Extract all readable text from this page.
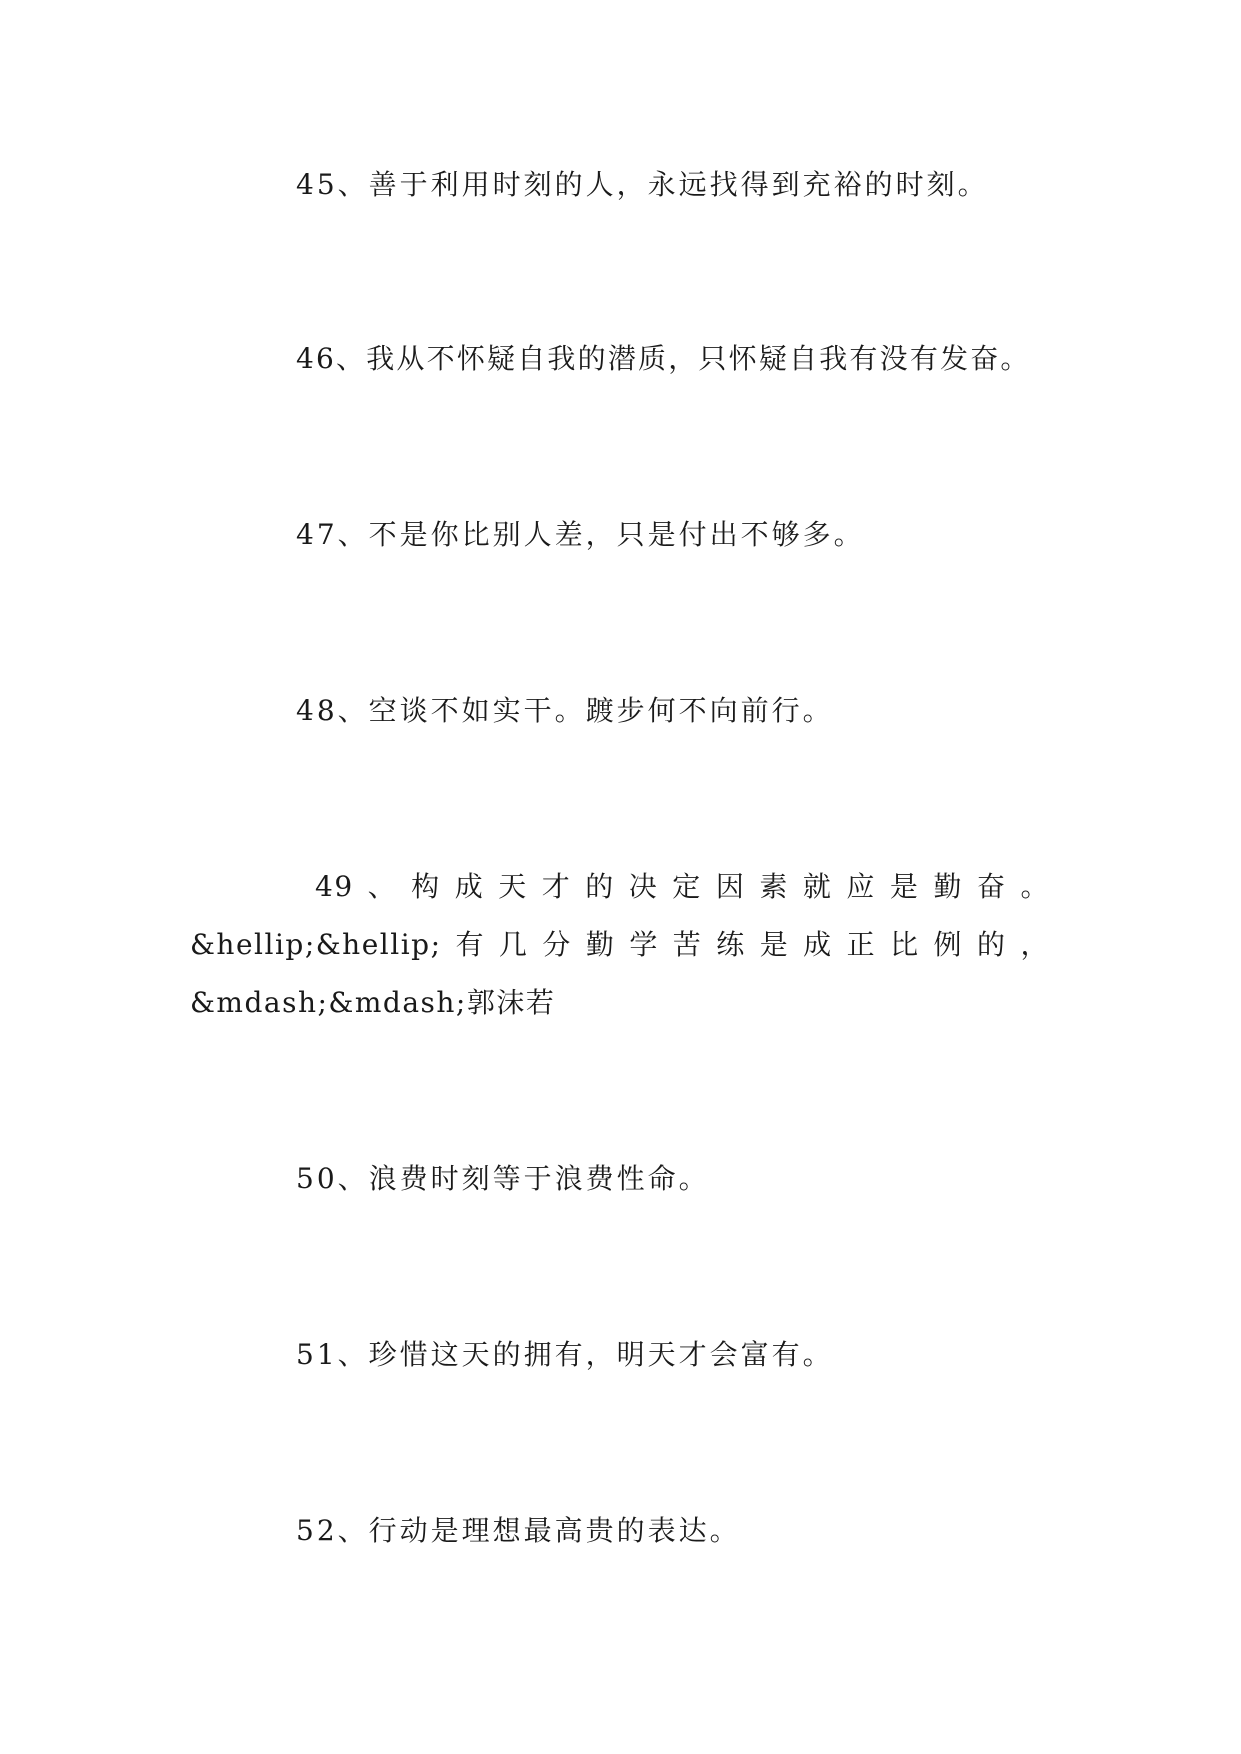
45、善于利用时刻的人，永远找得到充裕的时刻。

46、我从不怀疑自我的潜质，只怀疑自我有没有发奋。

47、不是你比别人差，只是付出不够多。

48、空谈不如实干。踱步何不向前行。

49、构成天才的决定因素就应是勤奋。&hellip;&hellip;有几分勤学苦练是成正比例的，&mdash;&mdash;郭沫若

50、浪费时刻等于浪费性命。

51、珍惜这天的拥有，明天才会富有。

52、行动是理想最高贵的表达。
